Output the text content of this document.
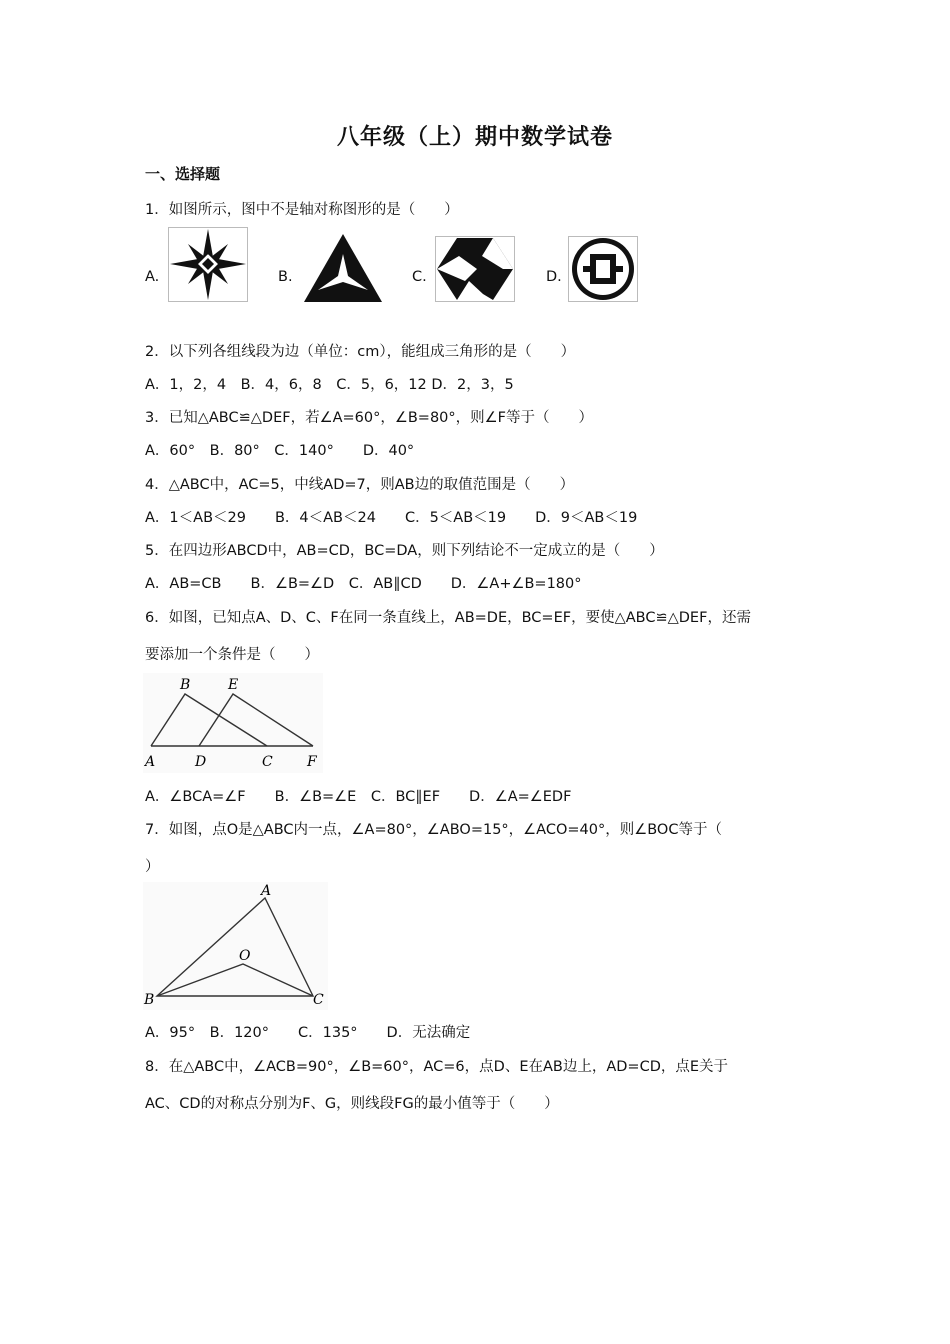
八年级（上）期中数学试卷
一、选择题
1．如图所示，图中不是轴对称图形的是（　　）
A.	B.	C.	D.
2．以下列各组线段为边（单位：cm），能组成三角形的是（　　）
A．1，2，4　B．4，6，8　C．5，6，12 D．2，3，5
3．已知△ABC≌△DEF，若∠A=60°，∠B=80°，则∠F等于（　　）
A．60°　B．80°　C．140°　　D．40°
4．△ABC中，AC=5，中线AD=7，则AB边的取值范围是（　　）
A．1＜AB＜29　　B．4＜AB＜24　　C．5＜AB＜19　　D．9＜AB＜19
5．在四边形ABCD中，AB=CD，BC=DA，则下列结论不一定成立的是（　　）
A．AB=CB　　B．∠B=∠D　C．AB∥CD　　D．∠A+∠B=180°
6．如图，已知点A、D、C、F在同一条直线上，AB=DE，BC=EF，要使△ABC≌△DEF，还需
要添加一个条件是（　　）
B	E
A	D	C F
A．∠BCA=∠F　　B．∠B=∠E　C．BC∥EF　　D．∠A=∠EDF
7．如图，点O是△ABC内一点，∠A=80°，∠ABO=15°，∠ACO=40°，则∠BOC等于（
）
A
O
B	C
A．95°　B．120°　　C．135°　　D．无法确定
8．在△ABC中，∠ACB=90°，∠B=60°，AC=6，点D、E在AB边上，AD=CD，点E关于
AC、CD的对称点分别为F、G，则线段FG的最小值等于（　　）
